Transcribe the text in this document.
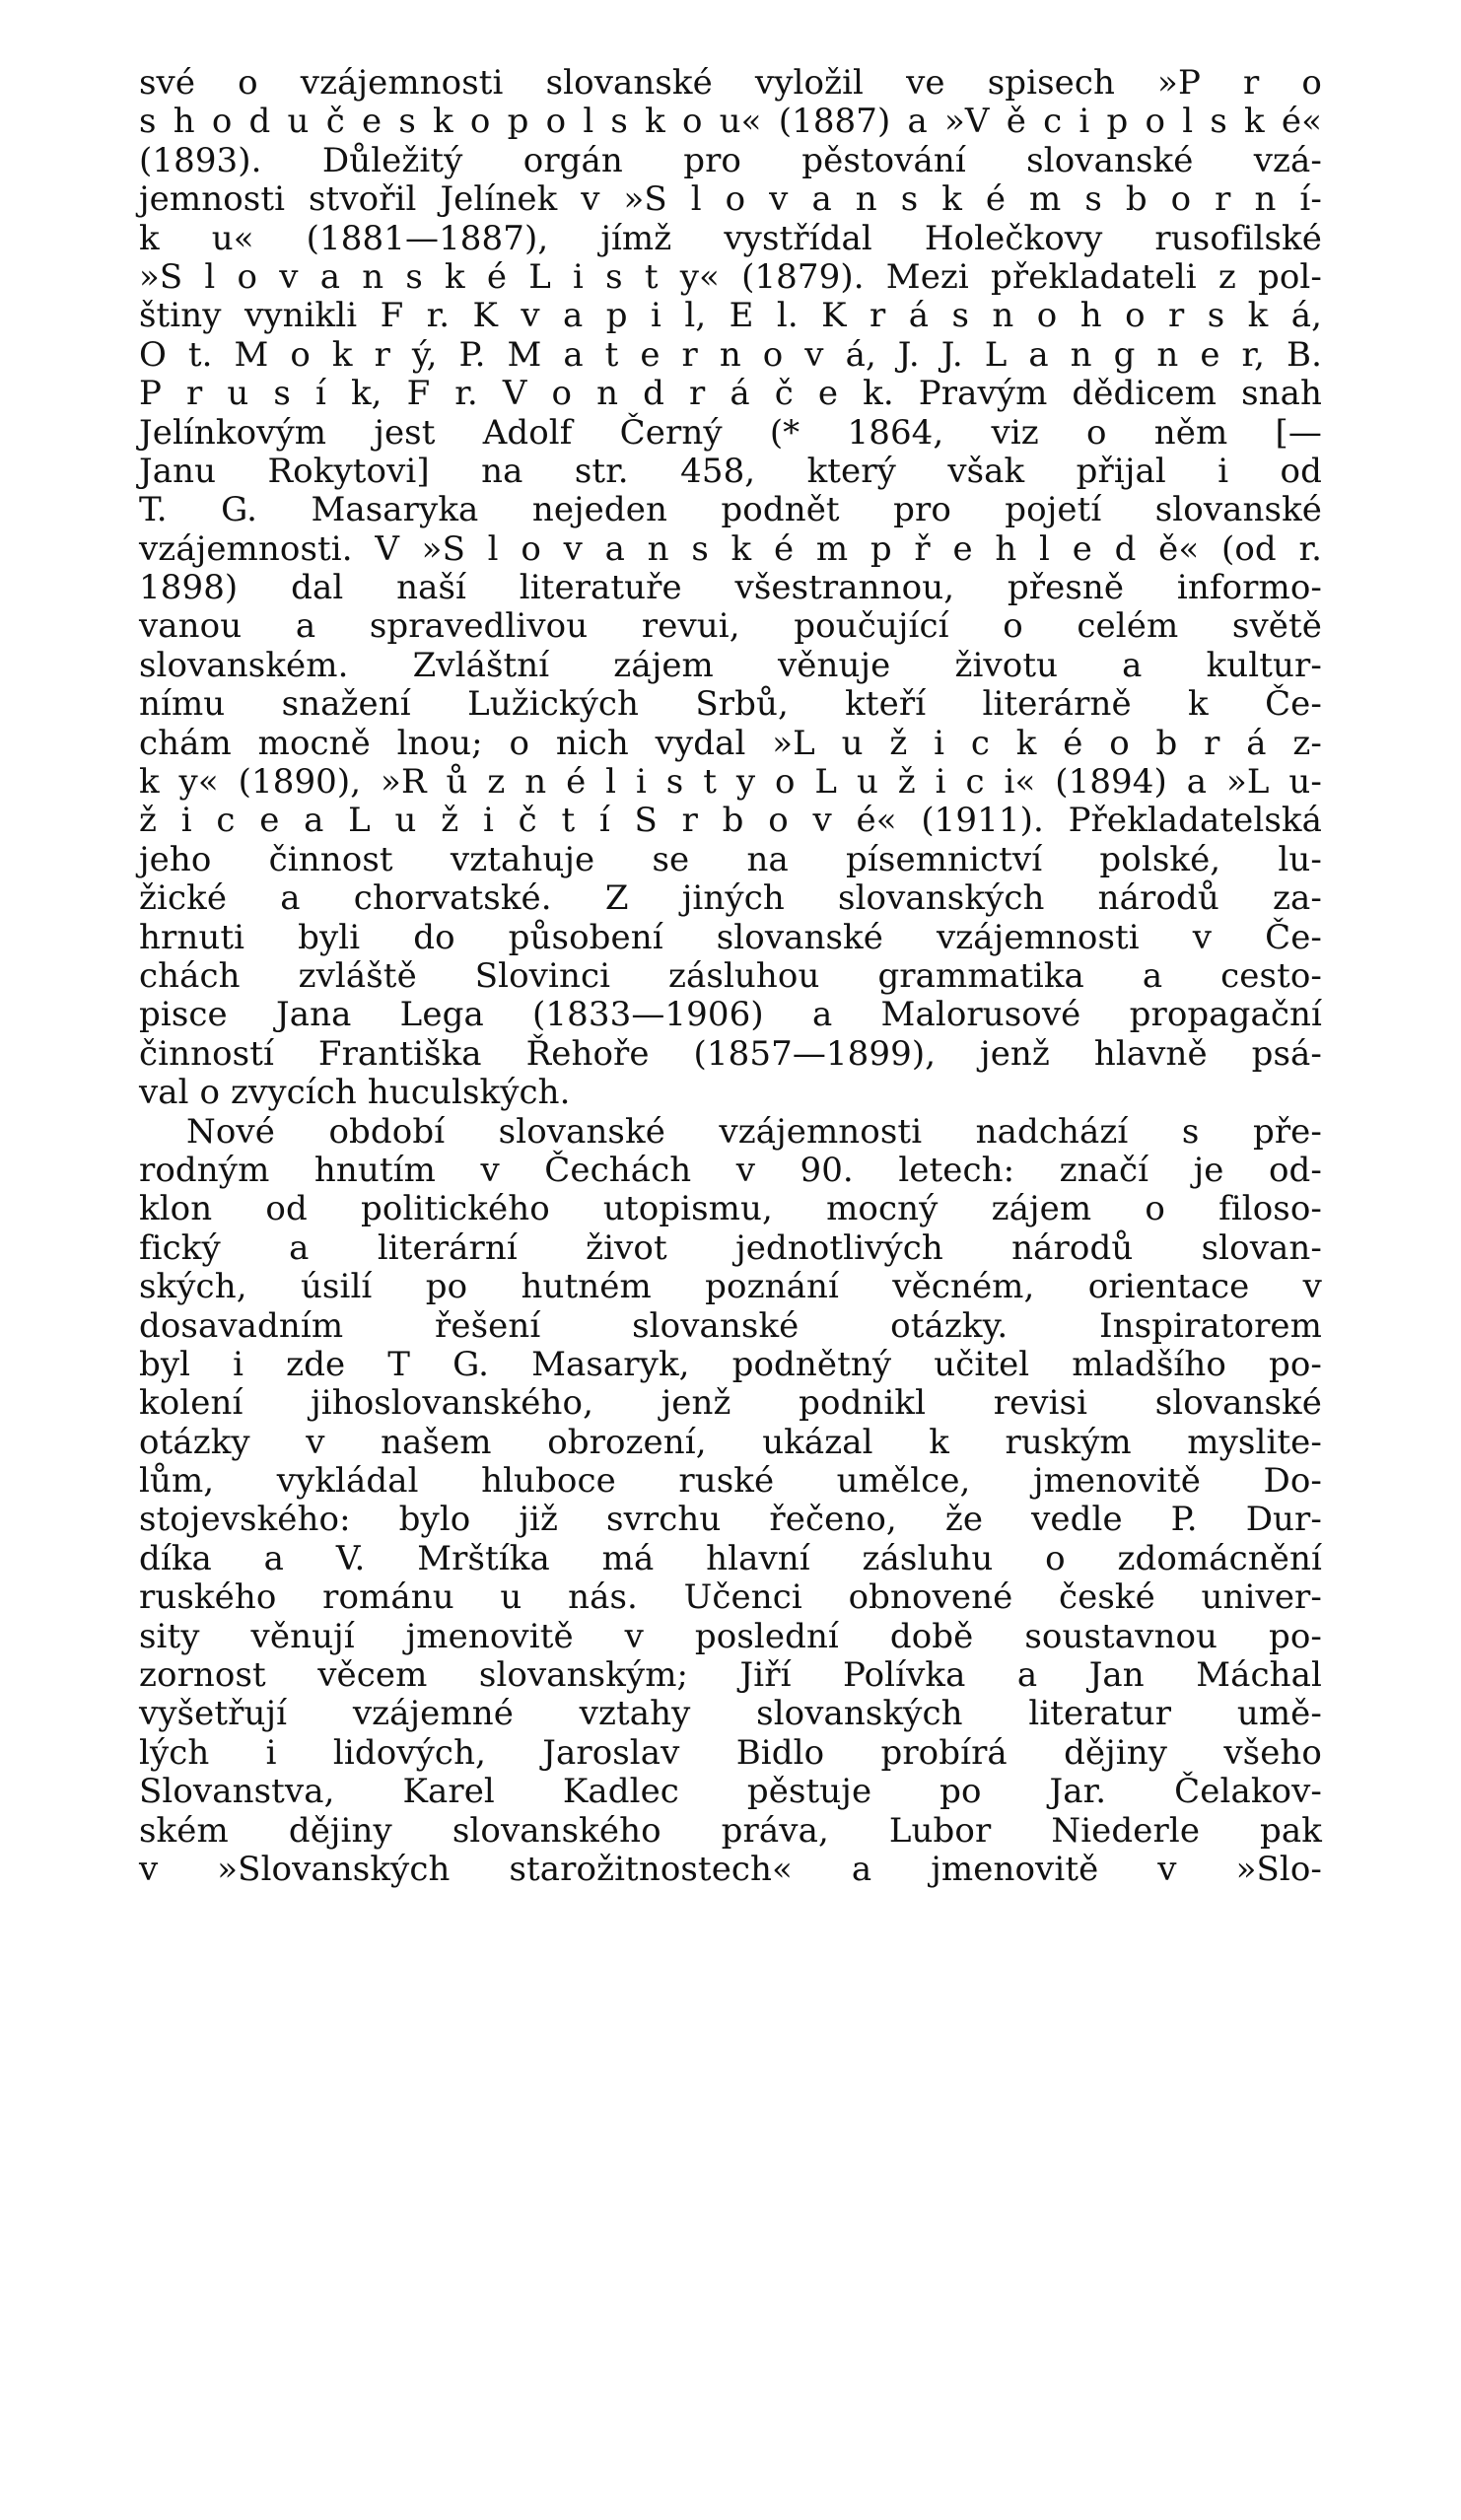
své o vzájemnosti slovanské vyložil ve spisech »P r o
s h o d u č e s k o p o l s k o u« (1887) a »V ě c i p o l s k é«
(1893). Důležitý orgán pro pěstování slovanské vzá-
jemnosti stvořil Jelínek v »S l o v a n s k é m s b o r n í-
k u« (1881—1887), jímž vystřídal Holečkovy rusofilské
»S l o v a n s k é L i s t y« (1879). Mezi překladateli z pol-
štiny vynikli F r. K v a p i l, E l. K r á s n o h o r s k á,
O t. M o k r ý, P. M a t e r n o v á, J. J. L a n g n e r, B.
P r u s í k, F r. V o n d r á č e k. Pravým dědicem snah
Jelínkovým jest Adolf Černý (* 1864, viz o něm [—
Janu Rokytovi] na str. 458, který však přijal i od
T. G. Masaryka nejeden podnět pro pojetí slovanské
vzájemnosti. V »S l o v a n s k é m p ř e h l e d ě« (od r.
1898) dal naší literatuře všestrannou, přesně informo-
vanou a spravedlivou revui, poučující o celém světě
slovanském. Zvláštní zájem věnuje životu a kultur-
nímu snažení Lužických Srbů, kteří literárně k Če-
chám mocně lnou; o nich vydal »L u ž i c k é o b r á z-
k y« (1890), »R ů z n é l i s t y o L u ž i c i« (1894) a »L u-
ž i c e a L u ž i č t í S r b o v é« (1911). Překladatelská
jeho činnost vztahuje se na písemnictví polské, lu-
žické a chorvatské. Z jiných slovanských národů za-
hrnuti byli do působení slovanské vzájemnosti v Če-
chách zvláště Slovinci zásluhou grammatika a cesto-
pisce Jana Lega (1833—1906) a Malorusové propagační
činností Františka Řehoře (1857—1899), jenž hlavně psá-
val o zvycích huculských.
Nové období slovanské vzájemnosti nadchází s pře-
rodným hnutím v Čechách v 90. letech: značí je od-
klon od politického utopismu, mocný zájem o filoso-
fický a literární život jednotlivých národů slovan-
ských, úsilí po hutném poznání věcném, orientace v
dosavadním řešení slovanské otázky. Inspiratorem
byl i zde T G. Masaryk, podnětný učitel mladšího po-
kolení jihoslovanského, jenž podnikl revisi slovanské
otázky v našem obrození, ukázal k ruským myslite-
lům, vykládal hluboce ruské umělce, jmenovitě Do-
stojevského: bylo již svrchu řečeno, že vedle P. Dur-
díka a V. Mrštíka má hlavní zásluhu o zdomácnění
ruského románu u nás. Učenci obnovené české univer-
sity věnují jmenovitě v poslední době soustavnou po-
zornost věcem slovanským; Jiří Polívka a Jan Máchal
vyšetřují vzájemné vztahy slovanských literatur umě-
lých i lidových, Jaroslav Bidlo probírá dějiny všeho
Slovanstva, Karel Kadlec pěstuje po Jar. Čelakov-
ském dějiny slovanského práva, Lubor Niederle pak
v »Slovanských starožitnostech« a jmenovitě v »Slo-
